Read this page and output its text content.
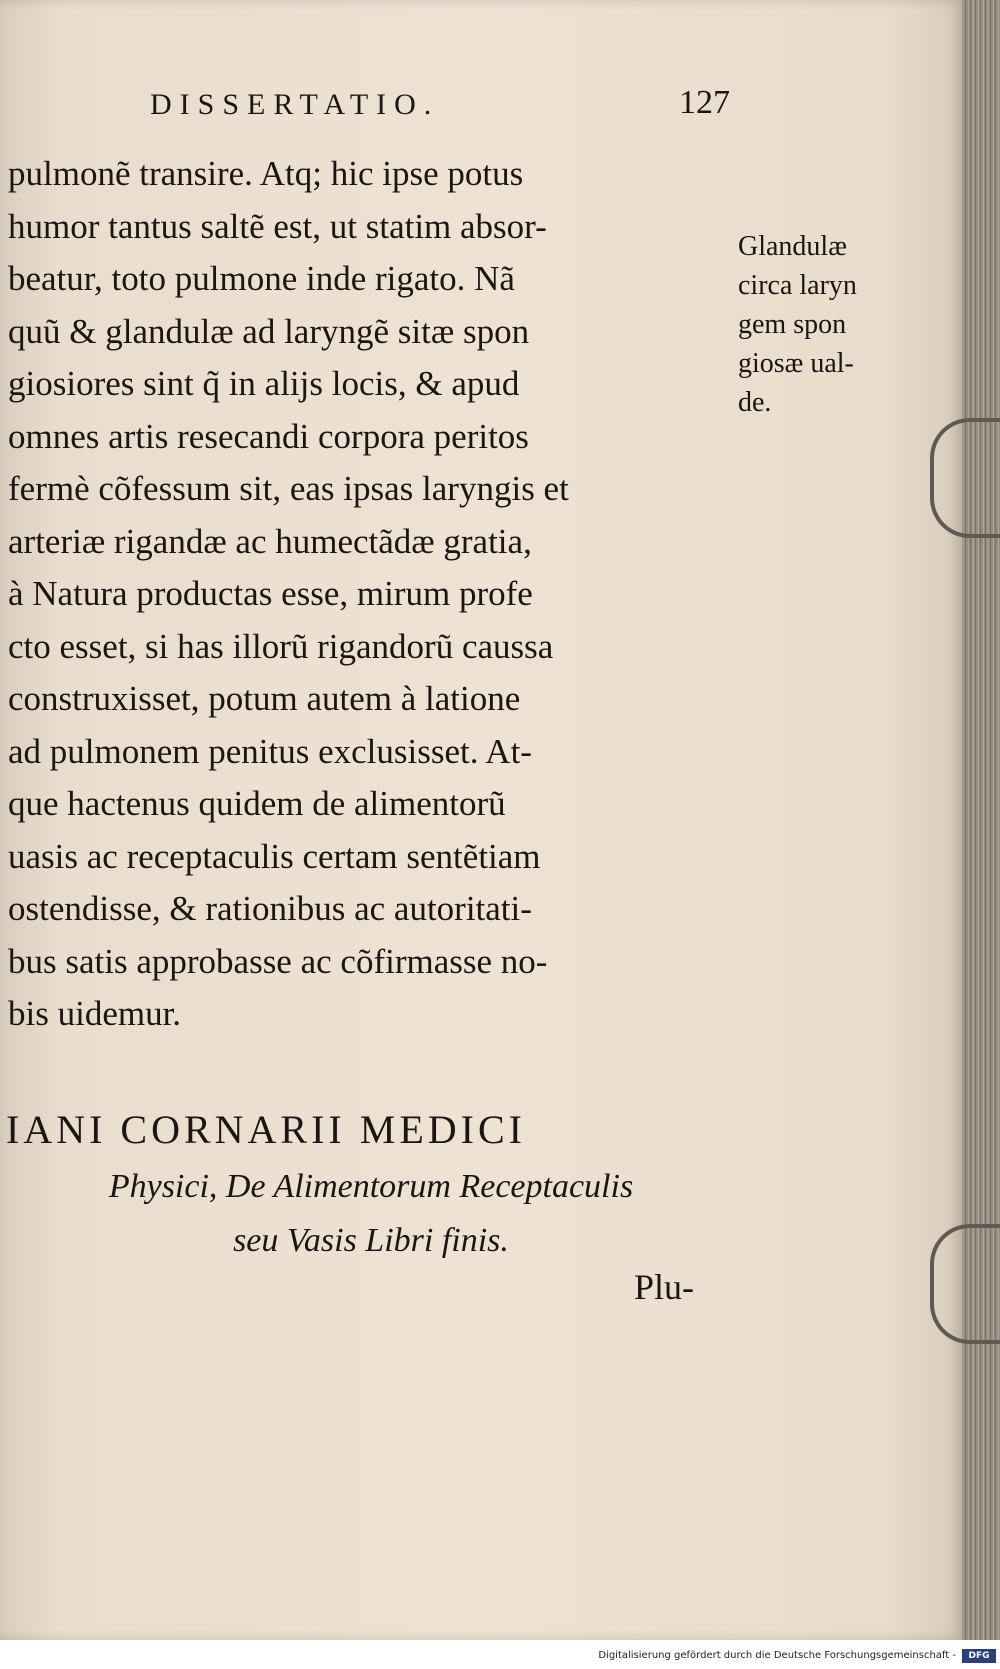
DISSERTATIO.	127
pulmonẽ transire. Atq; hic ipse potus
humor tantus saltẽ est, ut statim absor-
beatur, toto pulmone inde rigato. Nã
quũ & glandulæ ad laryngẽ sitæ spon
giosiores sint q̃ in alijs locis, & apud
omnes artis resecandi corpora peritos
fermè cõfessum sit, eas ipsas laryngis et
arteriæ rigandæ ac humectãdæ gratia,
à Natura productas esse, mirum profe
cto esset, si has illorũ rigandorũ caussa
construxisset, potum autem à latione
ad pulmonem penitus exclusisset. At-
que hactenus quidem de alimentorũ
uasis ac receptaculis certam sentẽtiam
ostendisse, & rationibus ac autoritati-
bus satis approbasse ac cõfirmasse no-
bis uidemur.
Glandulæ
circa laryn
gem spon
giosæ ual-
de.
IANI CORNARII MEDICI
Physici, De Alimentorum Receptaculis
seu Vasis Libri finis.
Plu-
Digitalisierung gefördert durch die Deutsche Forschungsgemeinschaft -	DFG
